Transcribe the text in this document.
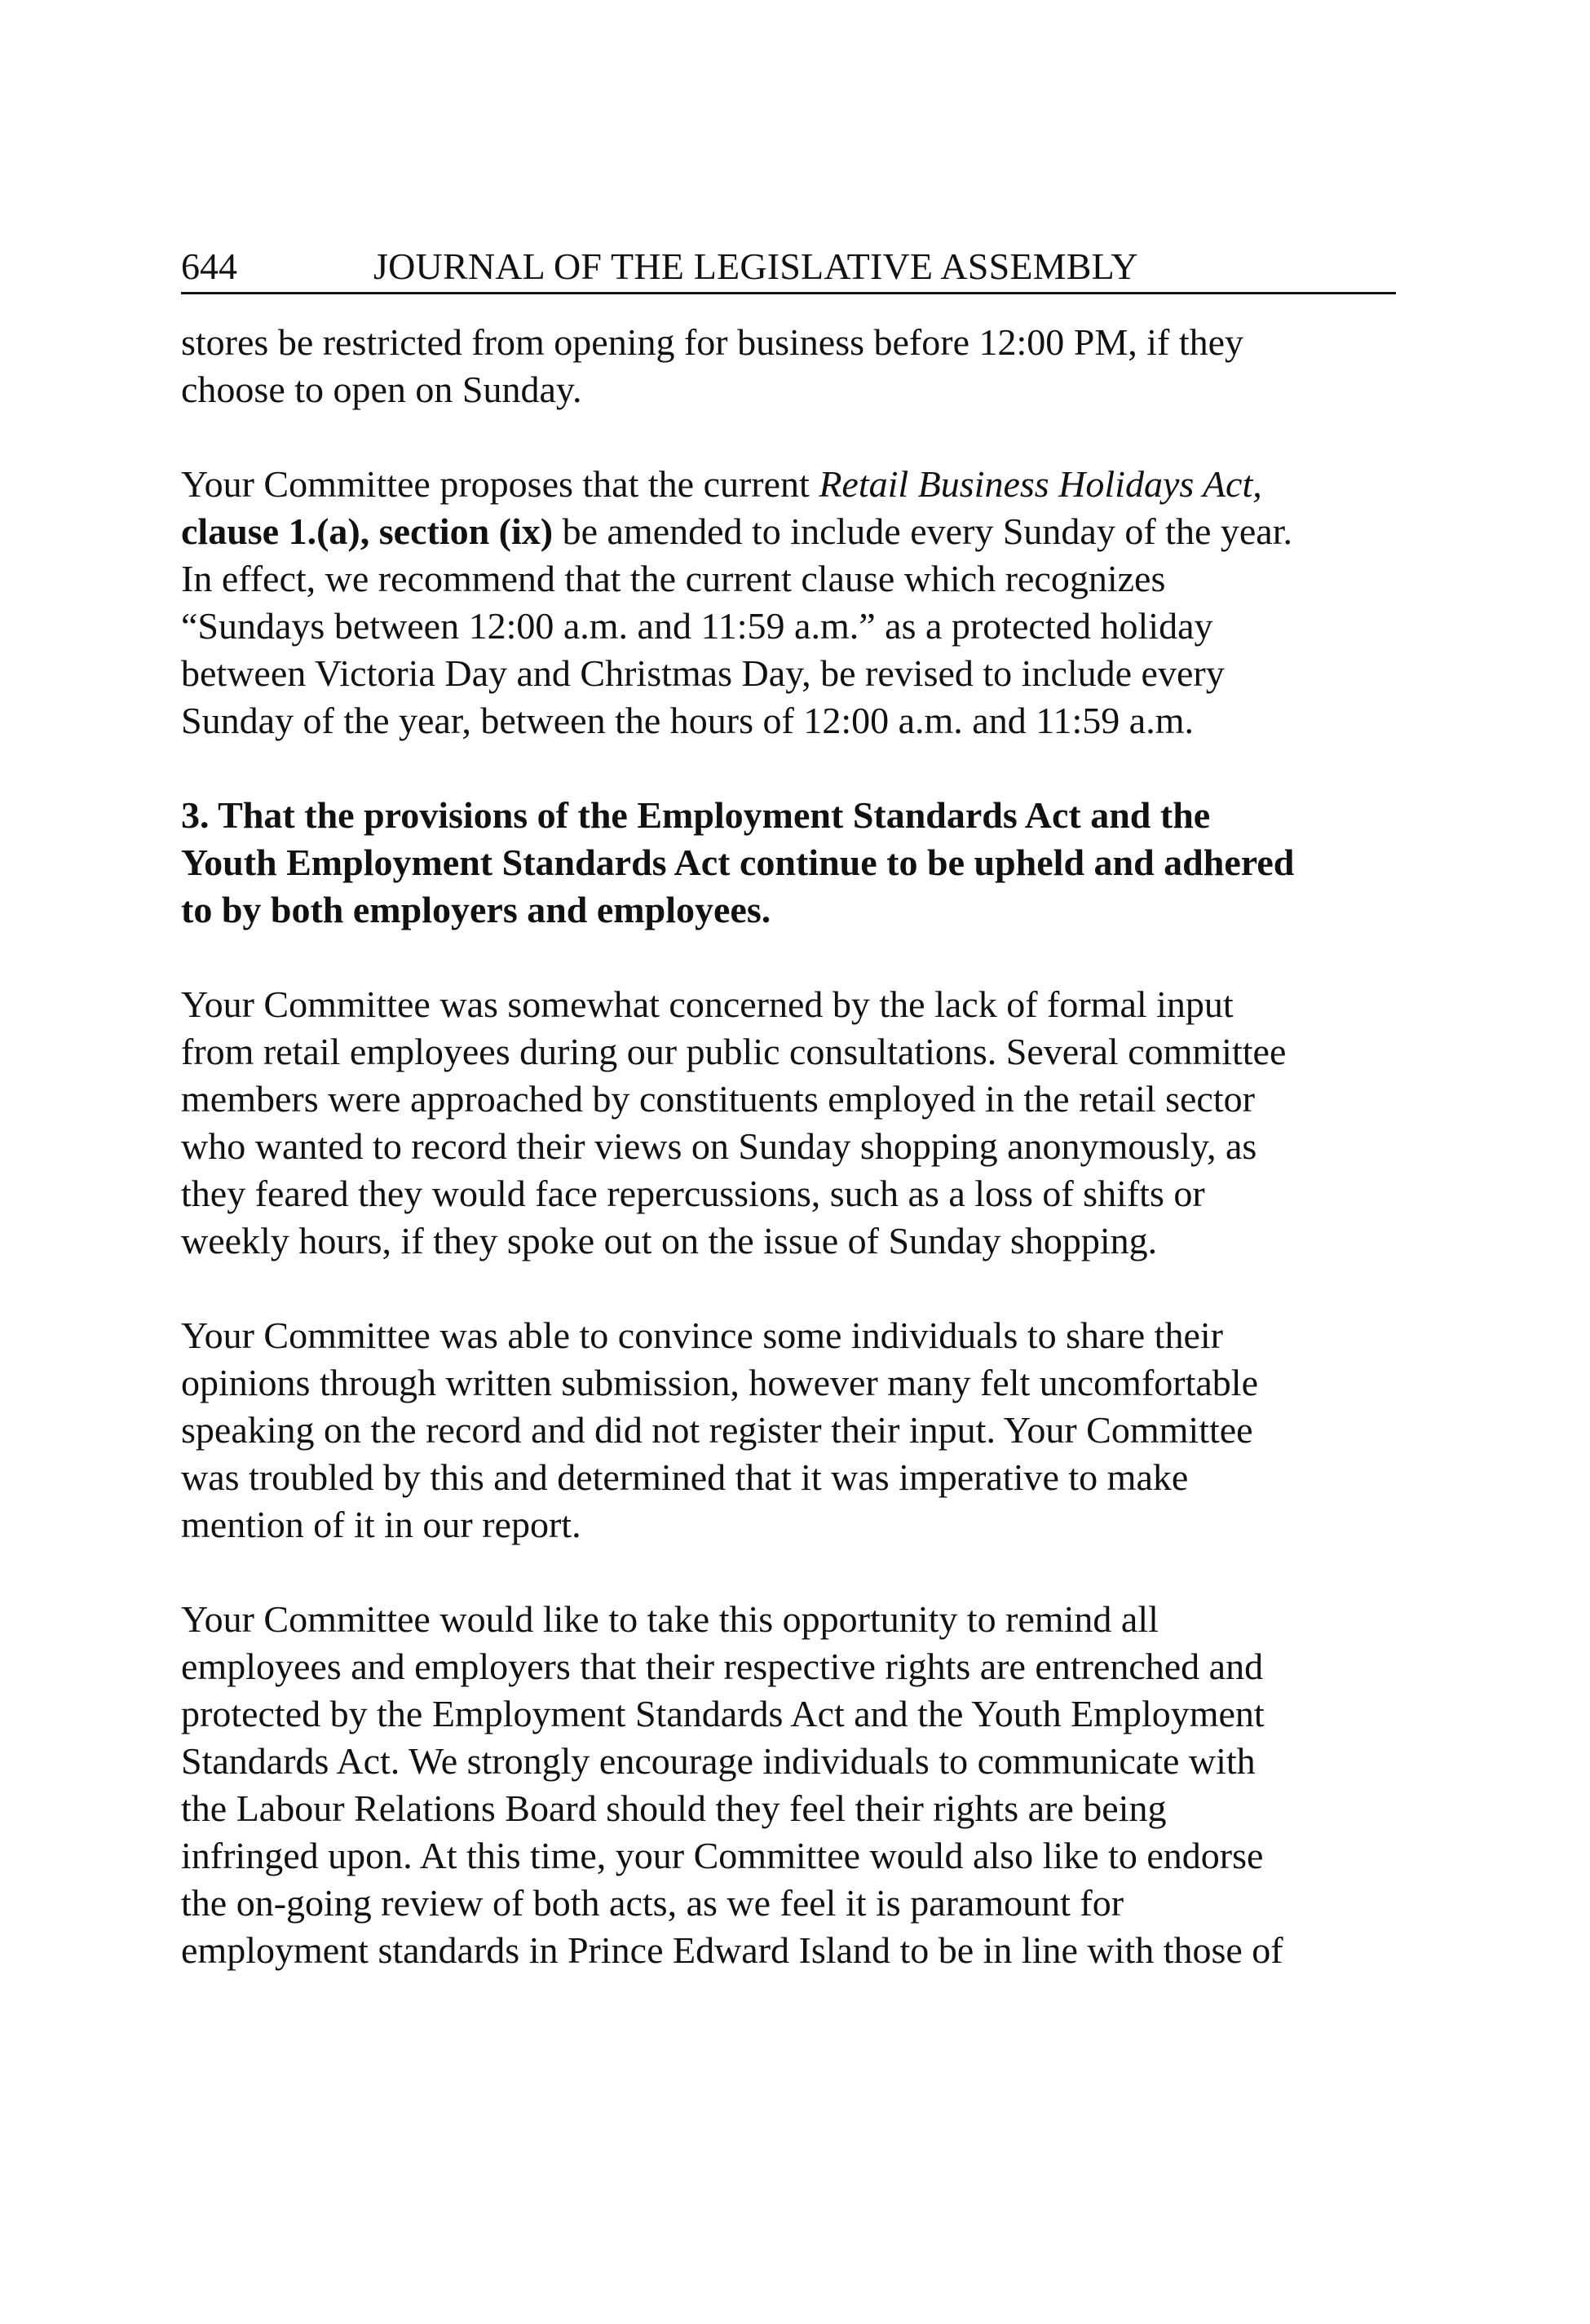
644	JOURNAL OF THE LEGISLATIVE ASSEMBLY

stores be restricted from opening for business before 12:00 PM, if they
choose to open on Sunday.

Your Committee proposes that the current Retail Business Holidays Act,
clause 1.(a), section (ix) be amended to include every Sunday of the year.
In effect, we recommend that the current clause which recognizes
“Sundays between 12:00 a.m. and 11:59 a.m.” as a protected holiday
between Victoria Day and Christmas Day, be revised to include every
Sunday of the year, between the hours of 12:00 a.m. and 11:59 a.m.

3. That the provisions of the Employment Standards Act and the
Youth Employment Standards Act continue to be upheld and adhered
to by both employers and employees.

Your Committee was somewhat concerned by the lack of formal input
from retail employees during our public consultations. Several committee
members were approached by constituents employed in the retail sector
who wanted to record their views on Sunday shopping anonymously, as
they feared they would face repercussions, such as a loss of shifts or
weekly hours, if they spoke out on the issue of Sunday shopping.

Your Committee was able to convince some individuals to share their
opinions through written submission, however many felt uncomfortable
speaking on the record and did not register their input. Your Committee
was troubled by this and determined that it was imperative to make
mention of it in our report.

Your Committee would like to take this opportunity to remind all
employees and employers that their respective rights are entrenched and
protected by the Employment Standards Act and the Youth Employment
Standards Act. We strongly encourage individuals to communicate with
the Labour Relations Board should they feel their rights are being
infringed upon. At this time, your Committee would also like to endorse
the on-going review of both acts, as we feel it is paramount for
employment standards in Prince Edward Island to be in line with those of
